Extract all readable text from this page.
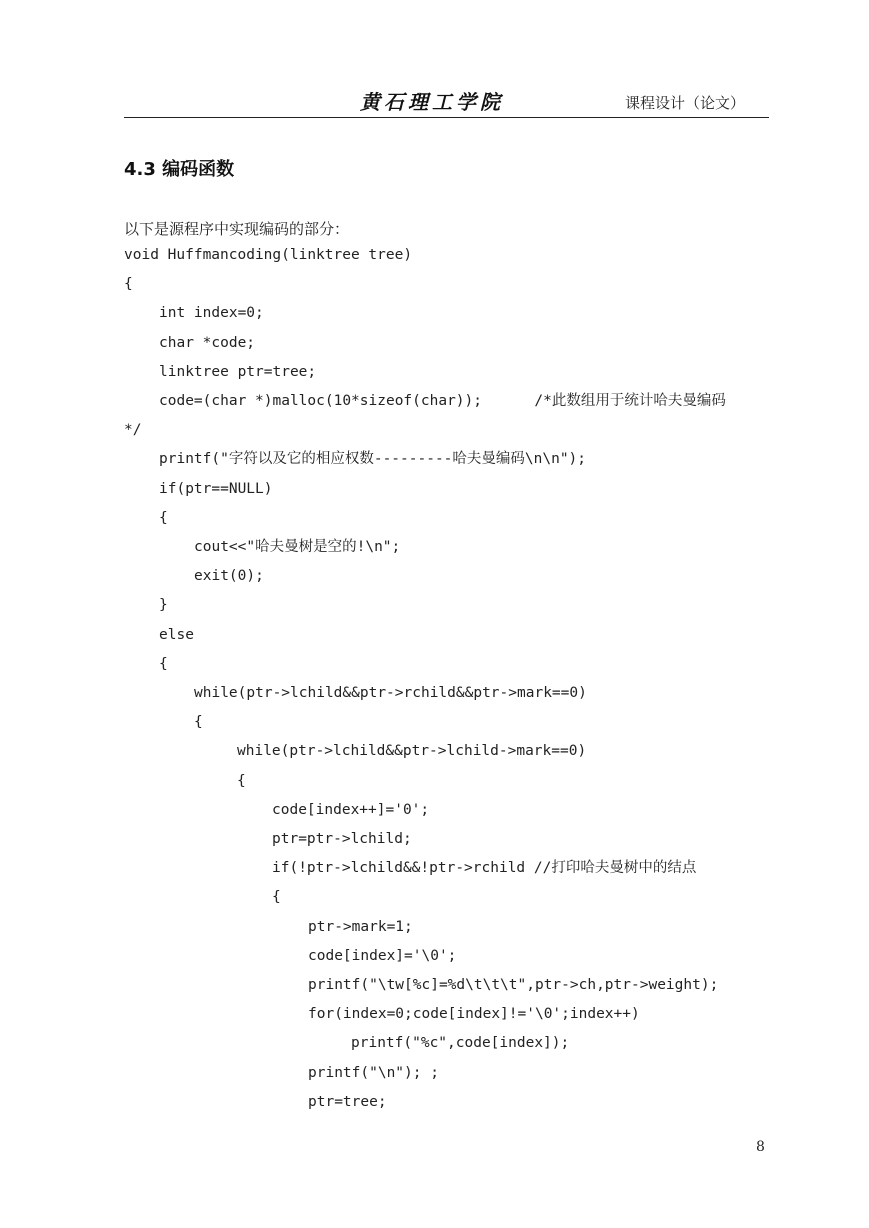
黄石理工学院	课程设计（论文）
4.3 编码函数
以下是源程序中实现编码的部分：
void Huffmancoding(linktree tree)
{
int index=0;
char *code;
linktree ptr=tree;
code=(char *)malloc(10*sizeof(char));      /*此数组用于统计哈夫曼编码
*/
printf("字符以及它的相应权数---------哈夫曼编码\n\n");
if(ptr==NULL)
{
cout<<"哈夫曼树是空的!\n";
exit(0);
}
else
{
while(ptr->lchild&&ptr->rchild&&ptr->mark==0)
{
while(ptr->lchild&&ptr->lchild->mark==0)
{
code[index++]='0';
ptr=ptr->lchild;
if(!ptr->lchild&&!ptr->rchild //打印哈夫曼树中的结点
{
ptr->mark=1;
code[index]='\0';
printf("\tw[%c]=%d\t\t\t",ptr->ch,ptr->weight);
for(index=0;code[index]!='\0';index++)
printf("%c",code[index]);
printf("\n"); ;
ptr=tree;
8
